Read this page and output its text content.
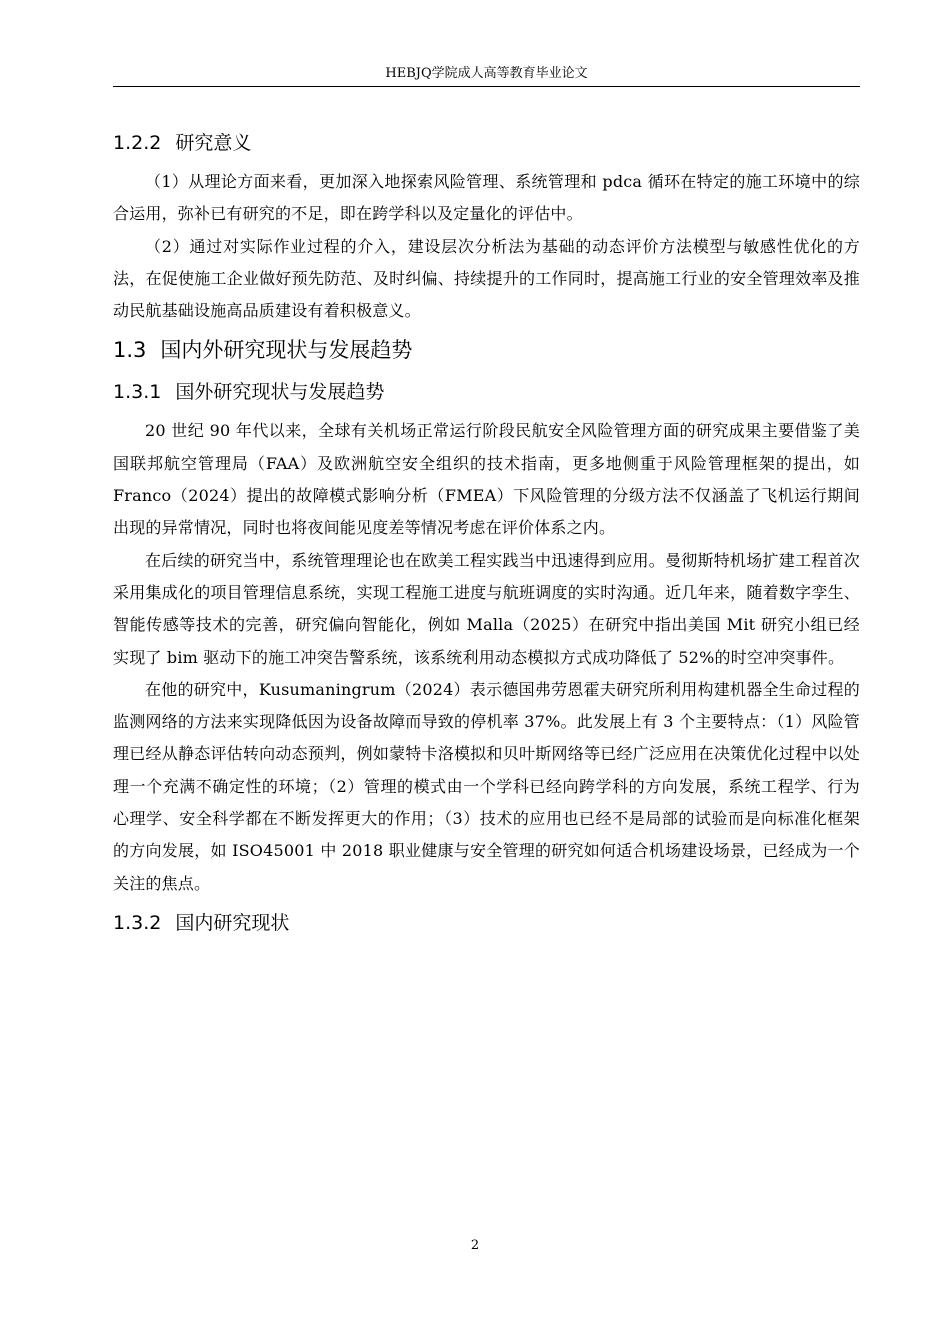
HEBJQ学院成人高等教育毕业论文
1.2.2 研究意义

（1）从理论方面来看，更加深入地探索风险管理、系统管理和 pdca 循环在特定的施工环境中的综合运用，弥补已有研究的不足，即在跨学科以及定量化的评估中。

（2）通过对实际作业过程的介入，建设层次分析法为基础的动态评价方法模型与敏感性优化的方法，在促使施工企业做好预先防范、及时纠偏、持续提升的工作同时，提高施工行业的安全管理效率及推动民航基础设施高品质建设有着积极意义。

1.3 国内外研究现状与发展趋势
1.3.1 国外研究现状与发展趋势

20 世纪 90 年代以来，全球有关机场正常运行阶段民航安全风险管理方面的研究成果主要借鉴了美国联邦航空管理局（FAA）及欧洲航空安全组织的技术指南，更多地侧重于风险管理框架的提出，如 Franco（2024）提出的故障模式影响分析（FMEA）下风险管理的分级方法不仅涵盖了飞机运行期间出现的异常情况，同时也将夜间能见度差等情况考虑在评价体系之内。

在后续的研究当中，系统管理理论也在欧美工程实践当中迅速得到应用。曼彻斯特机场扩建工程首次采用集成化的项目管理信息系统，实现工程施工进度与航班调度的实时沟通。近几年来，随着数字孪生、智能传感等技术的完善，研究偏向智能化，例如 Malla（2025）在研究中指出美国 Mit 研究小组已经实现了 bim 驱动下的施工冲突告警系统，该系统利用动态模拟方式成功降低了 52%的时空冲突事件。

在他的研究中，Kusumaningrum（2024）表示德国弗劳恩霍夫研究所利用构建机器全生命过程的监测网络的方法来实现降低因为设备故障而导致的停机率 37%。此发展上有 3 个主要特点：（1）风险管理已经从静态评估转向动态预判，例如蒙特卡洛模拟和贝叶斯网络等已经广泛应用在决策优化过程中以处理一个充满不确定性的环境；（2）管理的模式由一个学科已经向跨学科的方向发展，系统工程学、行为心理学、安全科学都在不断发挥更大的作用；（3）技术的应用也已经不是局部的试验而是向标准化框架的方向发展，如 ISO45001 中 2018 职业健康与安全管理的研究如何适合机场建设场景，已经成为一个关注的焦点。

1.3.2 国内研究现状
2
